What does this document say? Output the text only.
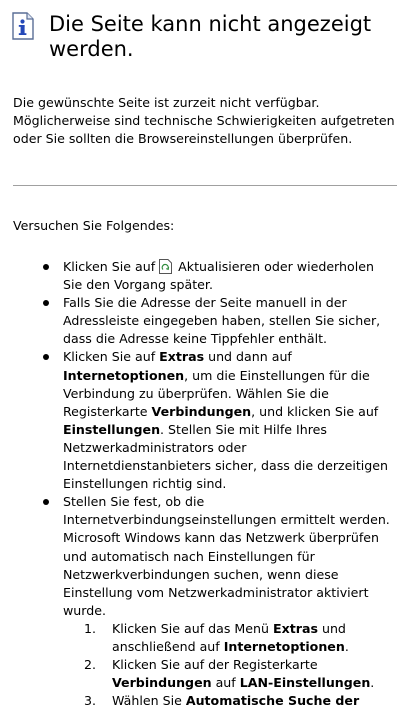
Die Seite kann nicht angezeigt werden.

Die gewünschte Seite ist zurzeit nicht verfügbar. Möglicherweise sind technische Schwierigkeiten aufgetreten oder Sie sollten die Browsereinstellungen überprüfen.

Versuchen Sie Folgendes:

Klicken Sie auf  Aktualisieren oder wiederholen Sie den Vorgang später.
Falls Sie die Adresse der Seite manuell in der Adressleiste eingegeben haben, stellen Sie sicher, dass die Adresse keine Tippfehler enthält.
Klicken Sie auf Extras und dann auf Internetoptionen, um die Einstellungen für die Verbindung zu überprüfen. Wählen Sie die Registerkarte Verbindungen, und klicken Sie auf Einstellungen. Stellen Sie mit Hilfe Ihres Netzwerkadministrators oder Internetdienstanbieters sicher, dass die derzeitigen Einstellungen richtig sind.
Stellen Sie fest, ob die Internetverbindungseinstellungen ermittelt werden. Microsoft Windows kann das Netzwerk überprüfen und automatisch nach Einstellungen für Netzwerkverbindungen suchen, wenn diese Einstellung vom Netzwerkadministrator aktiviert wurde.
1. Klicken Sie auf das Menü Extras und anschließend auf Internetoptionen.
2. Klicken Sie auf der Registerkarte Verbindungen auf LAN-Einstellungen.
3. Wählen Sie Automatische Suche der
